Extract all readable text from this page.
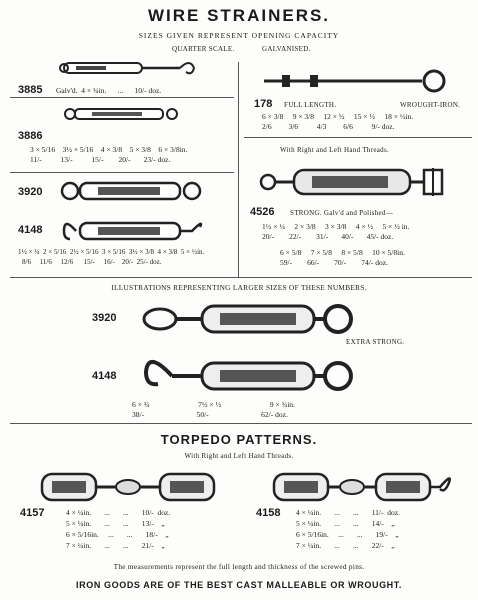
WIRE STRAINERS.
SIZES GIVEN REPRESENT OPENING CAPACITY
QUARTER SCALE.	GALVANISED.
3885 Galv'd.  4 × ¾in.      ...      10/- doz.
3886
3 × 5/16    3½ × 5/16    4 × 3/8    5 × 3/8    6 × 3/8in.
11/-          13/-          15/-        20/-       23/- doz.
3920
4148
1½ × ¼  2 × 5/16  2½ × 5/16  3 × 5/16  3½ × 3/8  4 × 3/8  5 × ½in.
8/6     11/6     12/6      15/-     16/-    20/-  25/- doz.
178 FULL LENGTH.	WROUGHT-IRON.
6 × 3/8     9 × 3/8     12 × ½     15 × ½     18 × ½in.
2/6         3/6          4/3         6/6          9/- doz.
With Right and Left Hand Threads.
4526 STRONG. Galv'd and Polished—
1½ × ¼     2 × 3/8     3 × 3/8     4 × ½     5 × ½ in.
20/-        22/-        31/-       40/-       45/- doz.
6 × 5/8     7 × 5/8     8 × 5/8     10 × 5/8in.
59/-        66/-        70/-        74/- doz.
ILLUSTRATIONS REPRESENTING LARGER SIZES OF THESE NUMBERS.
3920
EXTRA STRONG.
4148
6 × ¾                          7½ × ½                          9 × ¾in.
38/-                            50/-                            62/- doz.
TORPEDO PATTERNS.
With Right and Left Hand Threads.
4157	4 × ¼in.       ...       ...       10/-  doz.
5 × ¼in.       ...       ...       13/-    „
6 × 5/16in.     ...       ...       18/-    „
7 × ¼in.       ...       ...       21/-    „
4158 4 × ¼in.       ...       ...       11/-  doz.
5 × ¼in.       ...       ...       14/-    „
6 × 5/16in.     ...       ...       19/-    „
7 × ¼in.       ...       ...       22/-    „
The measurements represent the full length and thickness of the screwed pins.
IRON GOODS ARE OF THE BEST CAST MALLEABLE OR WROUGHT.
